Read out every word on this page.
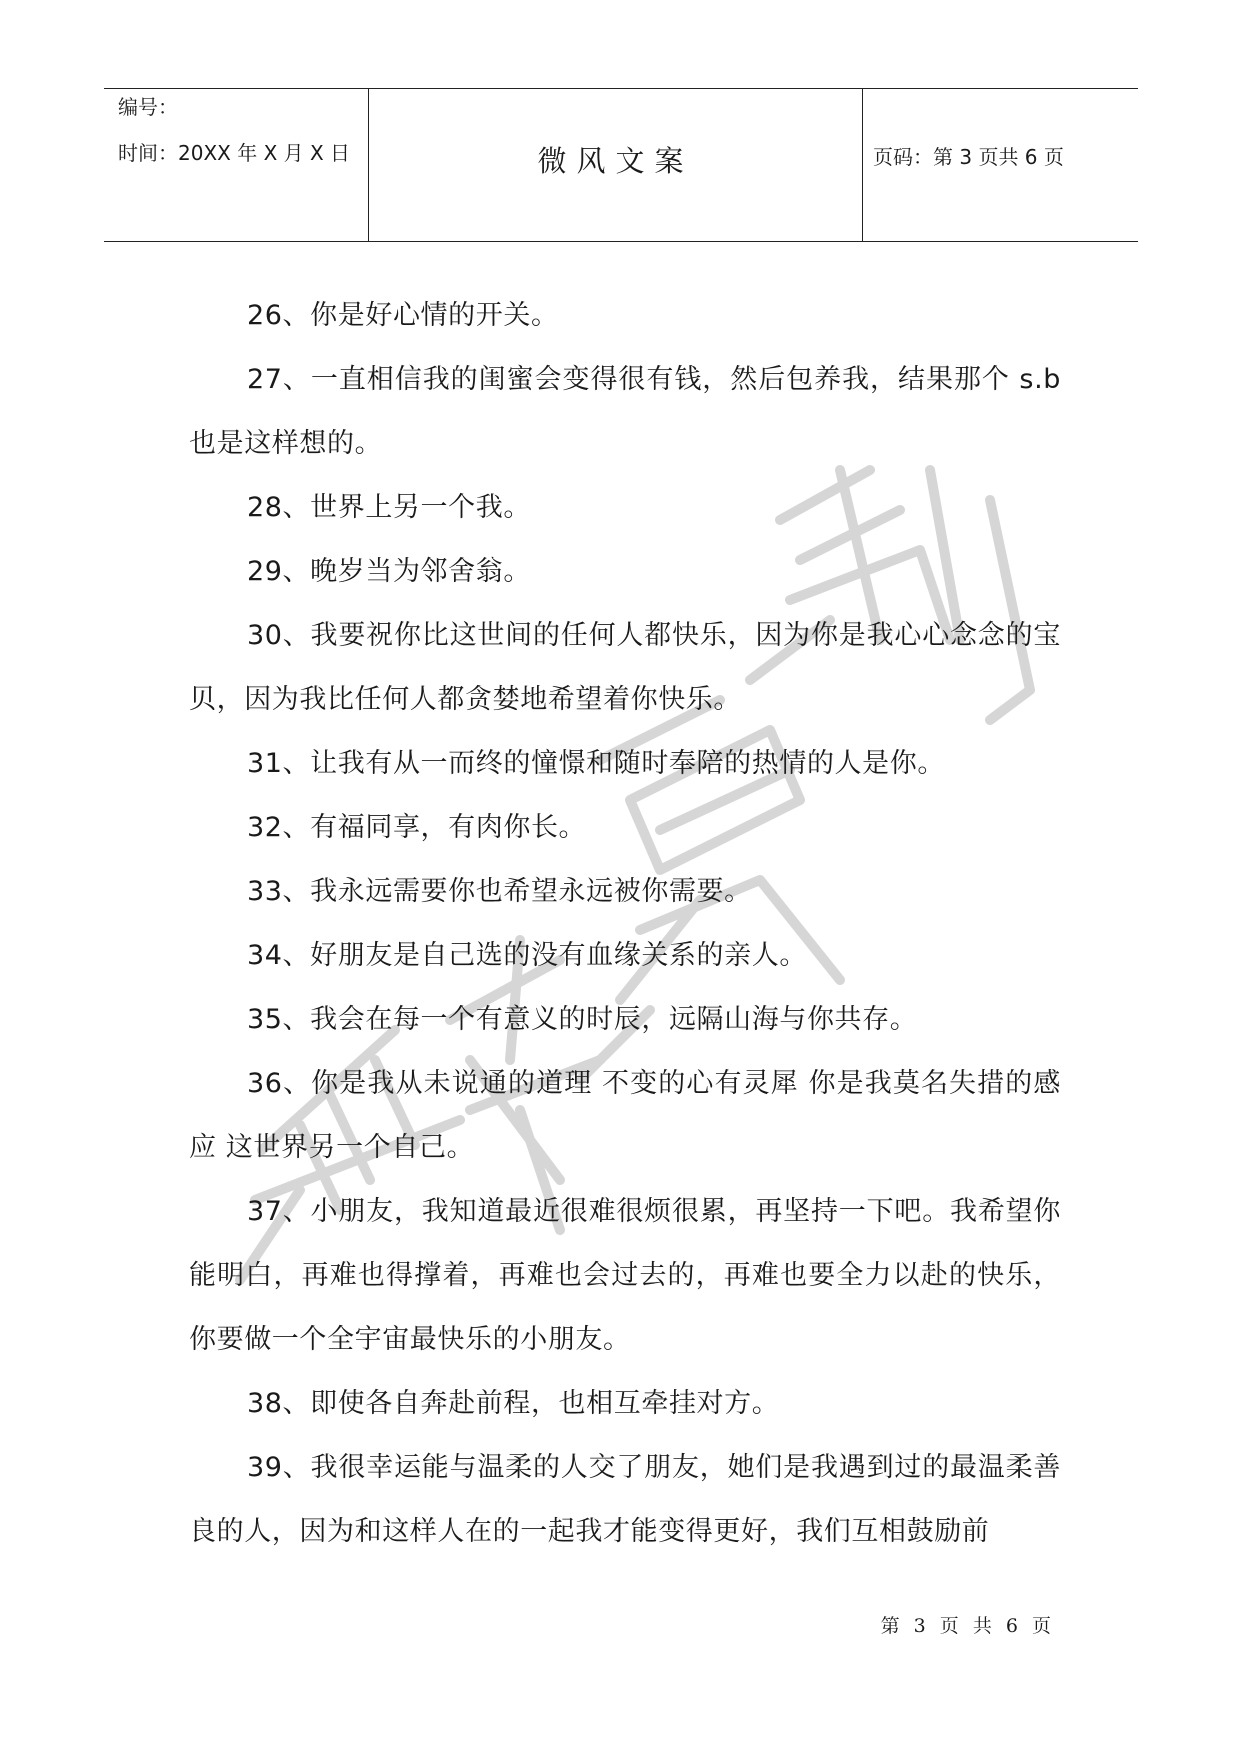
编号：
时间：20XX 年 X 月 X 日	微风文案	页码：第 3 页共 6 页

26、你是好心情的开关。

27、一直相信我的闺蜜会变得很有钱，然后包养我，结果那个 s.b 也是这样想的。

28、世界上另一个我。

29、晚岁当为邻舍翁。

30、我要祝你比这世间的任何人都快乐，因为你是我心心念念的宝贝，因为我比任何人都贪婪地希望着你快乐。

31、让我有从一而终的憧憬和随时奉陪的热情的人是你。

32、有福同享，有肉你长。

33、我永远需要你也希望永远被你需要。

34、好朋友是自己选的没有血缘关系的亲人。

35、我会在每一个有意义的时辰，远隔山海与你共存。

36、你是我从未说通的道理 不变的心有灵犀 你是我莫名失措的感应 这世界另一个自己。

37、小朋友，我知道最近很难很烦很累，再坚持一下吧。我希望你能明白，再难也得撑着，再难也会过去的，再难也要全力以赴的快乐，你要做一个全宇宙最快乐的小朋友。

38、即使各自奔赴前程，也相互牵挂对方。

39、我很幸运能与温柔的人交了朋友，她们是我遇到过的最温柔善良的人，因为和这样人在的一起我才能变得更好，我们互相鼓励前

第 3 页 共 6 页
